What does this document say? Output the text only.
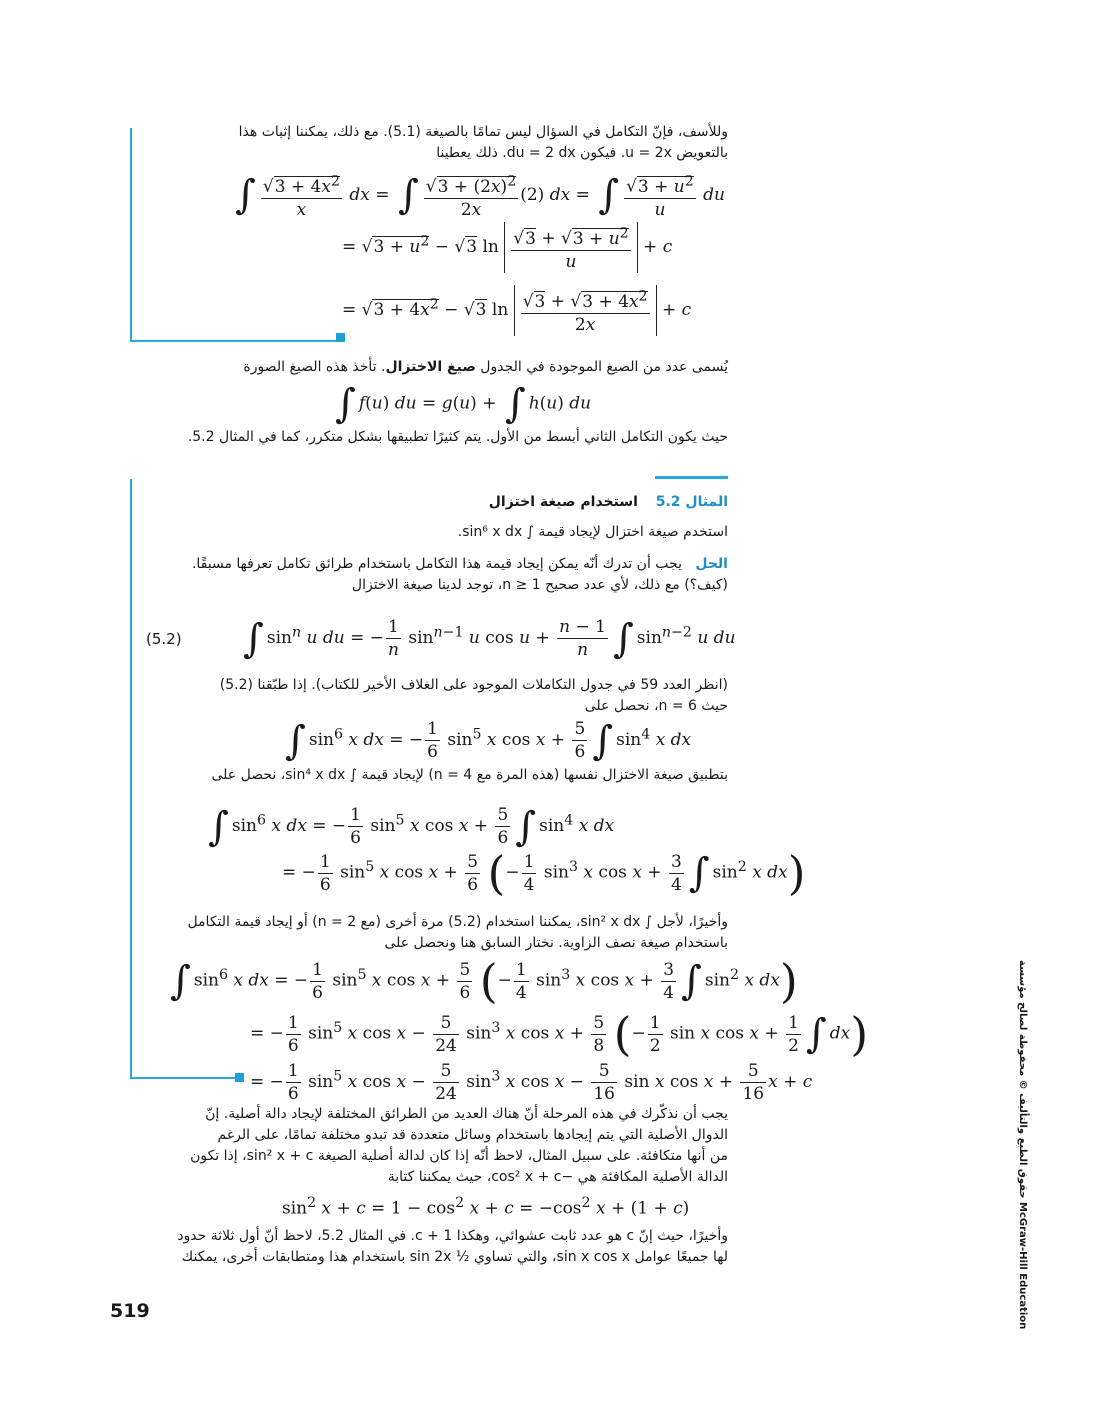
وللأسف، فإنّ التكامل في السؤال ليس تمامًا بالصيغة (5.1). مع ذلك، يمكننا إثبات هذا
بالتعويض u = 2x. فيكون du = 2 dx. ذلك يعطينا
∫ $\frac{√3 + 4x^2}{x}$ dx = ∫ $\frac{√3 + (2x)^2}{2x} (2)$ dx = ∫ $\frac{√3 + u^2}{u}$ du
= $√3 + u^2 - √3$ $\ln \frac{√3 + √3 + u^2}{u} + c$
= $√3 + 4x^2 - √3$ $\ln \frac{√3 + √3 + 4x^2}{2x} + c$
يُسمى عدد من الصيغ الموجودة في الجدول صيغ الاختزال. تأخذ هذه الصيغ الصورة
∫ f(u) du = g(u) + ∫ h(u) du
حيث يكون التكامل الثاني أبسط من الأول. يتم كثيرًا تطبيقها بشكل متكرر، كما في المثال 5.2.
المثال 5.2    استخدام صيغة اختزال
استخدم صيغة اختزال لإيجاد قيمة ∫ sin⁶ x dx.
الحل   يجب أن تدرك أنّه يمكن إيجاد قيمة هذا التكامل باستخدام طرائق تكامل تعرفها مسبقًا.
(كيف؟) مع ذلك، لأي عدد صحيح n ≥ 1، توجد لدينا صيغة الاختزال
(5.2) ∫ $\sin^n u$ du = − $\frac{1}{n} \sin^{n-1} u$ $\cos u + \frac{n - 1}{n}$ ∫ $\sin^{n-2} u$ du
(انظر العدد 59 في جدول التكاملات الموجود على الغلاف الأخير للكتاب). إذا طبّقنا (5.2)
حيث n = 6، نحصل على
∫ $\sin^6 x$ dx = − $\frac{1}{6} \sin^5 x$ $\cos x + \frac{5}{6}$ ∫ $\sin^4 x$ dx
بتطبيق صيغة الاختزال نفسها (هذه المرة مع n = 4) لإيجاد قيمة ∫ sin⁴ x dx، نحصل على
∫ $\sin^6 x$ dx = − $\frac{1}{6} \sin^5 x$ $\cos x + \frac{5}{6}$ ∫ $\sin^4 x$ dx
= − $\frac{1}{6} \sin^5 x$ $\cos x + \frac{5}{6}$ (− $\frac{1}{4} \sin^3 x$ $\cos x + \frac{3}{4}$ ∫ $\sin^2 x$ dx)
وأخيرًا، لأجل ∫ sin² x dx، يمكننا استخدام (5.2) مرة أخرى (مع n = 2) أو إيجاد قيمة التكامل
باستخدام صيغة نصف الزاوية. نختار السابق هنا ونحصل على
∫ $\sin^6 x$ dx = − $\frac{1}{6} \sin^5 x$ $\cos x + \frac{5}{6}$ (− $\frac{1}{4} \sin^3 x$ $\cos x + \frac{3}{4}$ ∫ $\sin^2 x$ dx)
= − $\frac{1}{6} \sin^5 x$ $\cos x - \frac{5}{24} \sin^3 x$ $\cos x + \frac{5}{8}$ (− $\frac{1}{2}$ sin x $\cos x + \frac{1}{2}$ ∫ dx)
= − $\frac{1}{6} \sin^5 x$ $\cos x - \frac{5}{24} \sin^3 x$ $\cos x - \frac{5}{16}$ sin x $\cos x + \frac{5}{16}$ x + c
يجب أن نذكّرك في هذه المرحلة أنّ هناك العديد من الطرائق المختلفة لإيجاد دالة أصلية. إنّ
الدوال الأصلية التي يتم إيجادها باستخدام وسائل متعددة قد تبدو مختلفة تمامًا، على الرغم
من أنها متكافئة. على سبيل المثال، لاحظ أنّه إذا كان لدالة أصلية الصيغة sin² x + c، إذا تكون
الدالة الأصلية المكافئة هي −cos² x + c، حيث يمكننا كتابة
$\sin^2 x + c = 1 - \cos^2 x + c = -\cos^2$ x + (1 + c)
وأخيرًا، حيث إنّ c هو عدد ثابت عشوائي، وهكذا c + 1. في المثال 5.2، لاحظ أنّ أول ثلاثة حدود
لها جميعًا عوامل sin x cos x، والتي تساوي ½ sin 2x باستخدام هذا ومتطابقات أخرى، يمكنك
519
حقوق الطبع والتأليف © محفوظة لصالح مؤسسة McGraw-Hill Education
